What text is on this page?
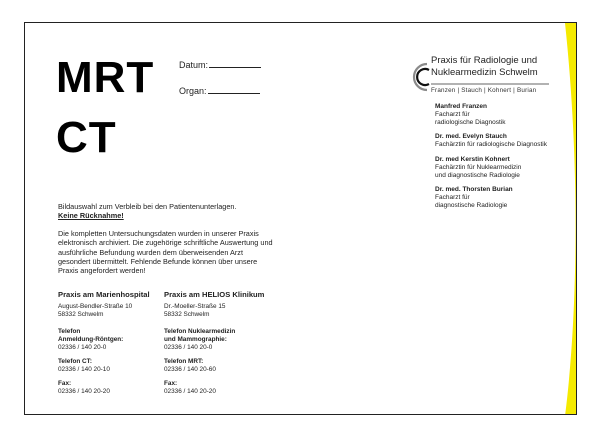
MRT
CT
Datum:
Organ:
Praxis für Radiologie und
Nuklearmedizin Schwelm
Franzen | Stauch | Kohnert | Burian
Manfred Franzen
Facharzt für
radiologische Diagnostik
Dr. med. Evelyn Stauch
Fachärztin für radiologische Diagnostik
Dr. med Kerstin Kohnert
Fachärztin für Nuklearmedizin
und diagnostische Radiologie
Dr. med. Thorsten Burian
Facharzt für
diagnostische Radiologie
Bildauswahl zum Verbleib bei den Patientenunterlagen.

Keine Rücknahme!

Die kompletten Untersuchungsdaten wurden in unserer Praxis elektronisch archiviert. Die zugehörige schriftliche Auswertung und ausführliche Befundung wurden dem überweisenden Arzt gesondert übermittelt. Fehlende Befunde können über unsere Praxis angefordert werden!

Praxis am Marienhospital
August-Bendler-Straße 10
58332 Schwelm
Telefon
Anmeldung-Röntgen:
02336 / 140 20-0
Telefon CT:
02336 / 140 20-10
Fax:
02336 / 140 20-20
Praxis am HELIOS Klinikum
Dr.-Moeller-Straße 15
58332 Schwelm
Telefon Nuklearmedizin
und Mammographie:
02336 / 140 20-0
Telefon MRT:
02336 / 140 20-60
Fax:
02336 / 140 20-20
